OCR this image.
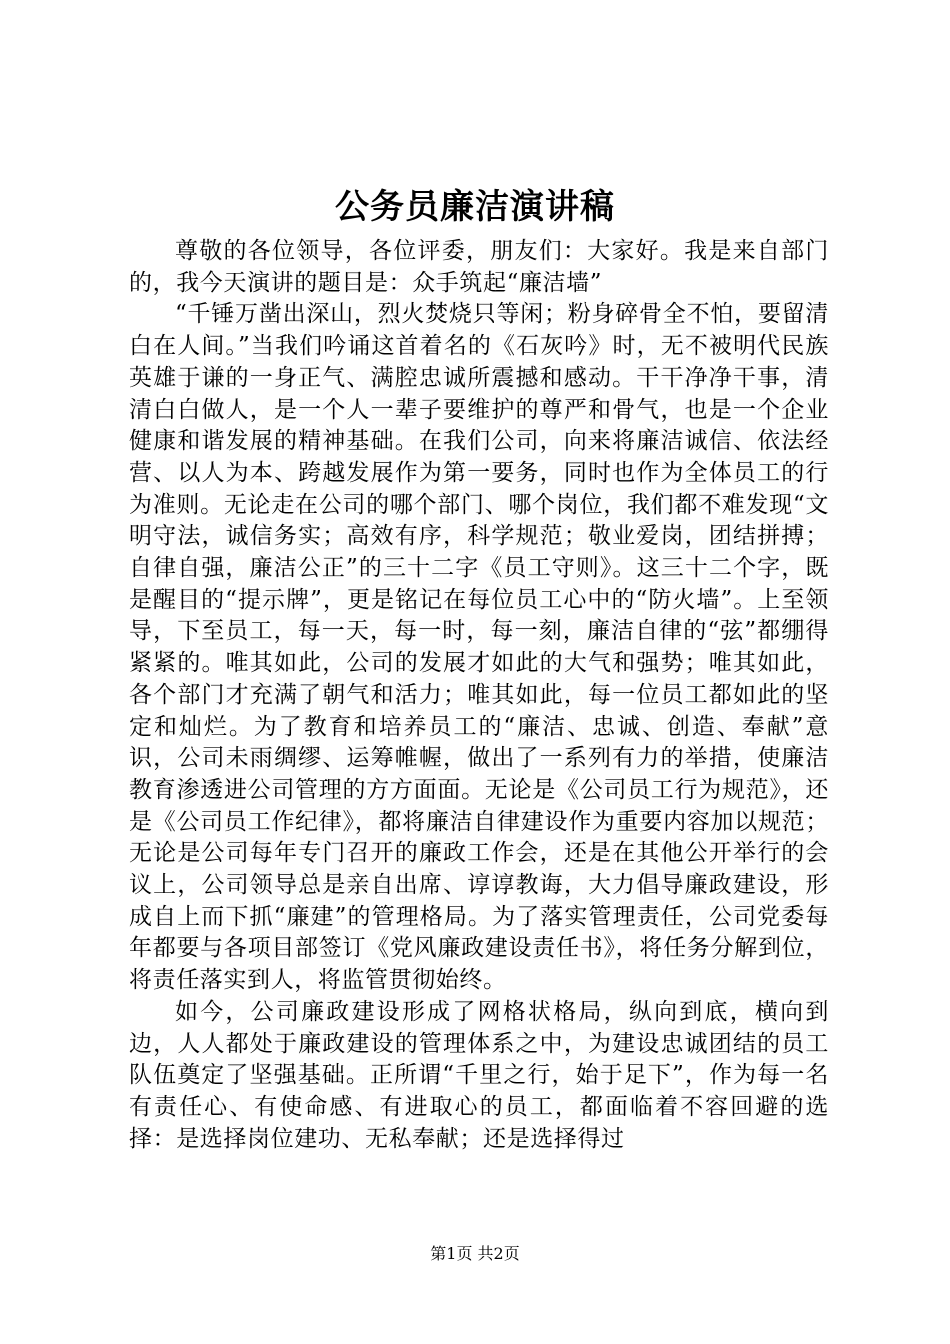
公务员廉洁演讲稿

尊敬的各位领导，各位评委，朋友们：大家好。我是来自部门的，我今天演讲的题目是：众手筑起“廉洁墙”

“千锤万凿出深山，烈火焚烧只等闲；粉身碎骨全不怕，要留清白在人间。”当我们吟诵这首着名的《石灰吟》时，无不被明代民族英雄于谦的一身正气、满腔忠诚所震撼和感动。干干净净干事，清清白白做人，是一个人一辈子要维护的尊严和骨气，也是一个企业健康和谐发展的精神基础。在我们公司，向来将廉洁诚信、依法经营、以人为本、跨越发展作为第一要务，同时也作为全体员工的行为准则。无论走在公司的哪个部门、哪个岗位，我们都不难发现“文明守法，诚信务实；高效有序，科学规范；敬业爱岗，团结拼搏；自律自强，廉洁公正”的三十二字《员工守则》。这三十二个字，既是醒目的“提示牌”，更是铭记在每位员工心中的“防火墙”。上至领导，下至员工，每一天，每一时，每一刻，廉洁自律的“弦”都绷得紧紧的。唯其如此，公司的发展才如此的大气和强势；唯其如此，各个部门才充满了朝气和活力；唯其如此，每一位员工都如此的坚定和灿烂。为了教育和培养员工的“廉洁、忠诚、创造、奉献”意识，公司未雨绸缪、运筹帷幄，做出了一系列有力的举措，使廉洁教育渗透进公司管理的方方面面。无论是《公司员工行为规范》，还是《公司员工作纪律》，都将廉洁自律建设作为重要内容加以规范；无论是公司每年专门召开的廉政工作会，还是在其他公开举行的会议上，公司领导总是亲自出席、谆谆教诲，大力倡导廉政建设，形成自上而下抓“廉建”的管理格局。为了落实管理责任，公司党委每年都要与各项目部签订《党风廉政建设责任书》，将任务分解到位，将责任落实到人，将监管贯彻始终。

如今，公司廉政建设形成了网格状格局，纵向到底，横向到边，人人都处于廉政建设的管理体系之中，为建设忠诚团结的员工队伍奠定了坚强基础。正所谓“千里之行，始于足下”，作为每一名有责任心、有使命感、有进取心的员工，都面临着不容回避的选择：是选择岗位建功、无私奉献；还是选择得过

第1页 共2页
